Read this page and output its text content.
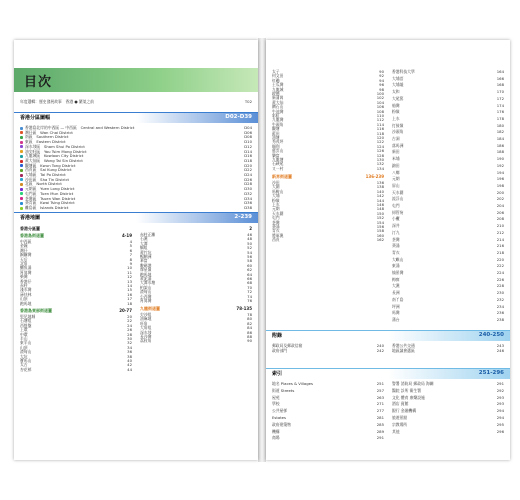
目次
年度選輯：歷史發展故事　香港 ● 繁榮之前	T02
香港分區圖幅	D02-D39
香港島北岸的中西區 — 中西區　Central and Western District	D04
灣仔區　Wan Chai District	D06
南區　Southern District	D08
東區　Eastern District	D10
深水埗區　Sham Shui Po District	D12
油尖旺區　Yau Tsim Mong District	D14
九龍城區　Kowloon City District	D16
黃大仙區　Wong Tai Sin District	D18
觀塘區　Kwun Tong District	D20
西貢區　Sai Kung District	D22
大埔區　Tai Po District	D24
沙田區　Sha Tin District	D26
北區　North District	D28
元朗區　Yuen Long District	D30
屯門區　Tuen Mun District	D32
荃灣區　Tsuen Wan District	D34
葵青區　Kwai Tsing District	D36
離島區　Islands District	D38
香港地圖	2-239
香港分區圖	2
香港島街道圖	4-19
中西區	4
金鐘	5
灣仔	6
銅鑼灣	7
天后	8
北角	9
鰂魚涌	10
筲箕灣	11
柴灣	12
香港仔	13
赤柱	14
淺水灣	15
薄扶林	16
山頂	17
跑馬地	18
香港島東部街道圖	20-77
堅尼地城	20
石塘咀	22
西營盤	24
上環	26
中環	28
半山	30
東半山	32
山頂	34
渣甸山	36
大坑	38
寶馬山	40
太古	42
杏花邨	44
赤柱正灘	46
石澳	48
大潭	50
鶴咀	52
黃竹坑	54
鴨脷洲	56
華富	58
數碼港	60
摩星嶺	62
跑馬地	64
黃泥涌	66
大潭水塘	68
柏架山	70
渣甸山	72
小西灣	74
筲箕灣	76
九龍街道圖	78-135
尖沙咀	78
油麻地	80
旺角	82
大角咀	84
深水埗	86
長沙灣	88
荔枝角	90
太子	90
何文田	92
紅磡	94
土瓜灣	96
九龍城	98
啟德	100
新蒲崗	102
黃大仙	104
鑽石山	106
牛池灣	108
彩虹	110
九龍灣	112
牛頭角	114
觀塘	116
藍田	118
油塘	120
秀茂坪	122
順利	124
慈雲山	126
樂富	128
九龍塘	130
石硤尾	132
又一村	134
新界街道圖	136-239
沙田	136
大圍	138
馬鞍山	140
大埔	142
粉嶺	144
上水	146
元朗	148
天水圍	150
屯門	152
荃灣	154
葵涌	156
青衣	158
將軍澳	160
西貢	162
香港科技大學	164
大埔滘	166
大埔墟	168
太和	170
大尾篤	172
船灣	174
粉嶺	176
上水	178
打鼓嶺	180
沙頭角	182
古洞	184
落馬洲	186
新田	188
米埔	190
錦田	192
八鄉	194
元朗	196
屏山	198
天水圍	200
流浮山	202
屯門	204
掃管笏	206
小欖	208
深井	210
汀九	212
荃灣	214
葵涌	216
青衣	218
大嶼山	220
東涌	222
愉景灣	224
梅窩	226
大澳	228
長洲	230
南丫島	232
坪洲	234
馬灣	236
蒲台	238
附錄	240-250
郵政局及郵政信箱	240
政府部門	242
香港公共交通	243
地區議會選區	246
索引	251-296
地名 Places & Villages	251
街道 Streets	257
屋苑	263
學校	271
公共屋邨	277
Estates	281
政府建築物	285
機構	289
商場	291
警署 消防局 郵政局 海關	291
醫院 診所 衛生署	292
文化 體育 康樂設施	293
酒店 賓館	293
銀行 金融機構	294
旅遊景點	294
宗教場所	295
其他	296
